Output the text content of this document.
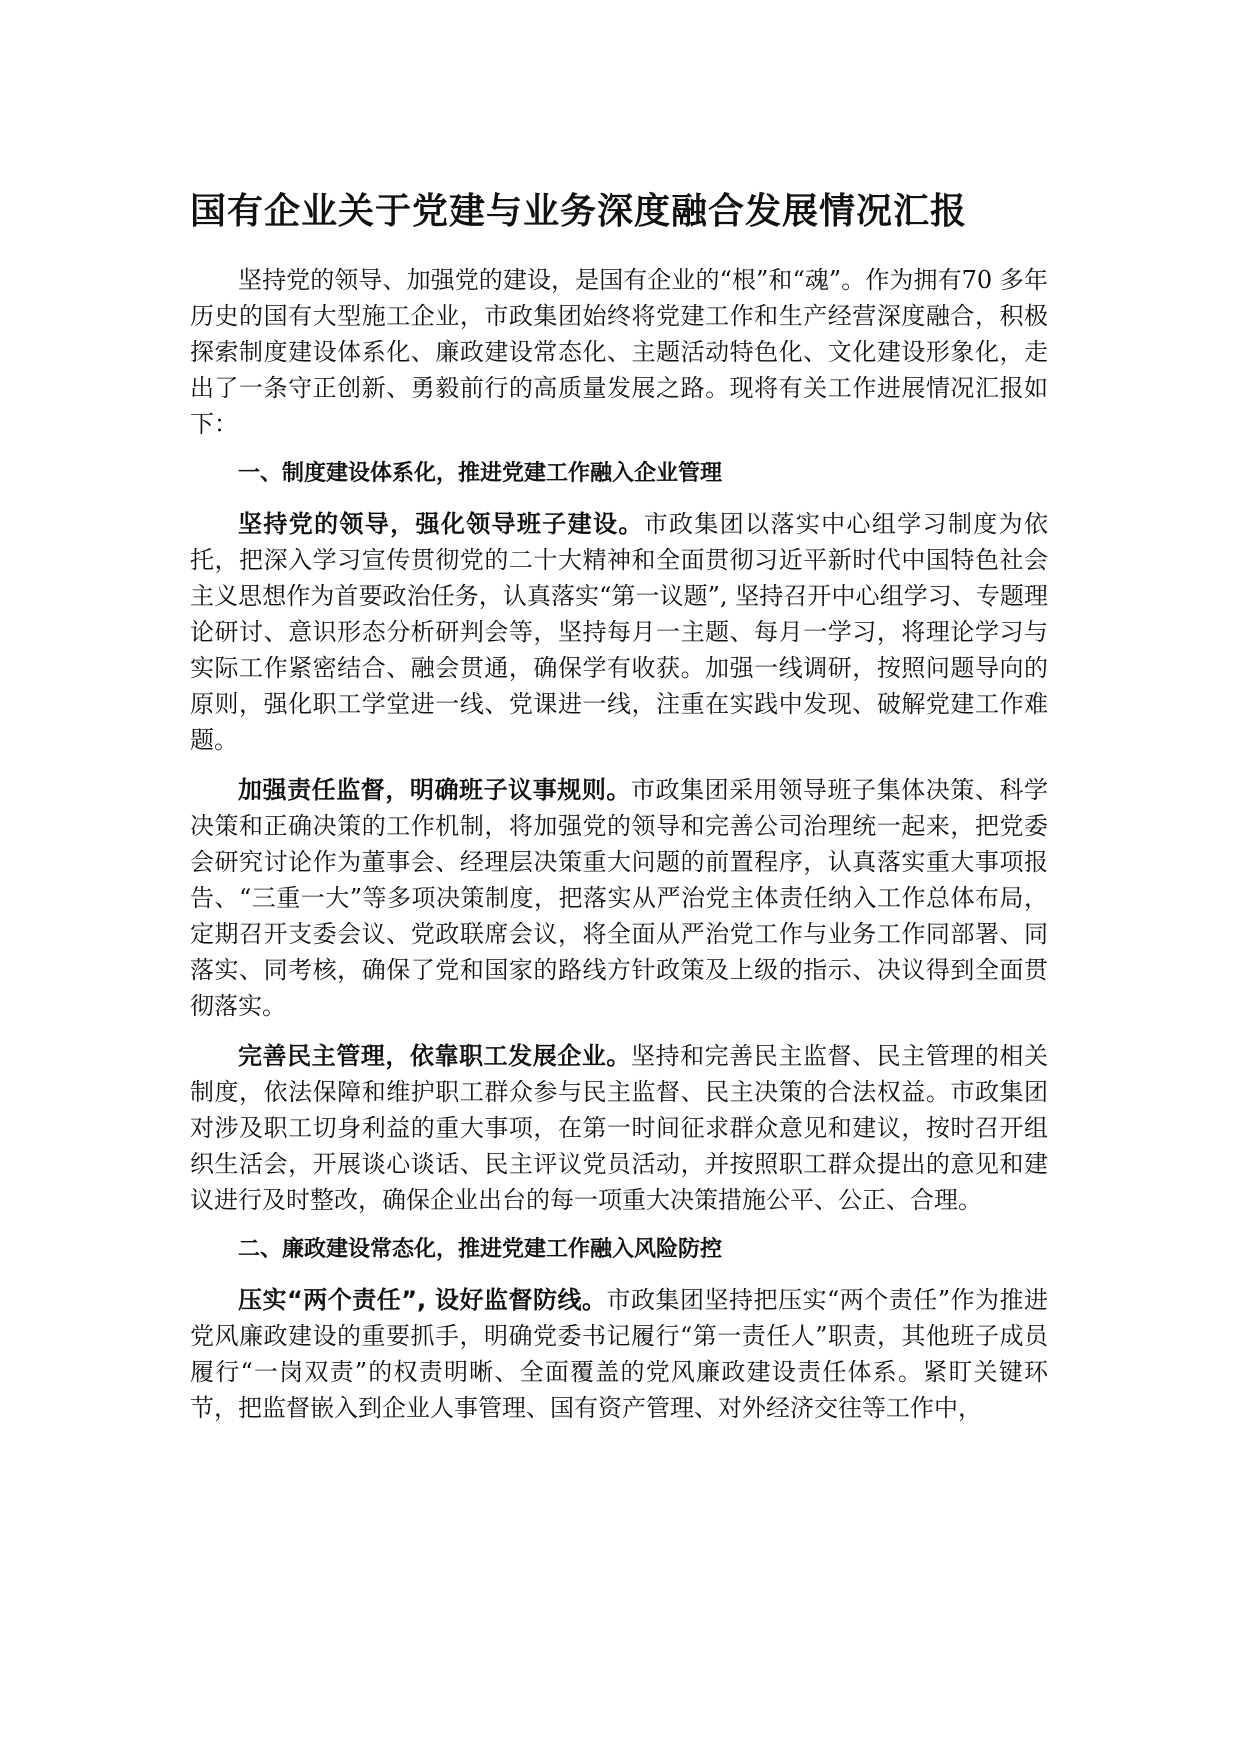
国有企业关于党建与业务深度融合发展情况汇报

坚持党的领导、加强党的建设，是国有企业的“根”和“魂”。作为拥有70 多年历史的国有大型施工企业，市政集团始终将党建工作和生产经营深度融合，积极探索制度建设体系化、廉政建设常态化、主题活动特色化、文化建设形象化，走出了一条守正创新、勇毅前行的高质量发展之路。现将有关工作进展情况汇报如下：

一、制度建设体系化，推进党建工作融入企业管理

坚持党的领导，强化领导班子建设。市政集团以落实中心组学习制度为依托，把深入学习宣传贯彻党的二十大精神和全面贯彻习近平新时代中国特色社会主义思想作为首要政治任务，认真落实“第一议题”, 坚持召开中心组学习、专题理论研讨、意识形态分析研判会等，坚持每月一主题、每月一学习，将理论学习与实际工作紧密结合、融会贯通，确保学有收获。加强一线调研，按照问题导向的原则，强化职工学堂进一线、党课进一线，注重在实践中发现、破解党建工作难题。

加强责任监督，明确班子议事规则。市政集团采用领导班子集体决策、科学决策和正确决策的工作机制，将加强党的领导和完善公司治理统一起来，把党委会研究讨论作为董事会、经理层决策重大问题的前置程序，认真落实重大事项报告、“三重一大”等多项决策制度，把落实从严治党主体责任纳入工作总体布局，定期召开支委会议、党政联席会议，将全面从严治党工作与业务工作同部署、同落实、同考核，确保了党和国家的路线方针政策及上级的指示、决议得到全面贯彻落实。

完善民主管理，依靠职工发展企业。坚持和完善民主监督、民主管理的相关制度，依法保障和维护职工群众参与民主监督、民主决策的合法权益。市政集团对涉及职工切身利益的重大事项，在第一时间征求群众意见和建议，按时召开组织生活会，开展谈心谈话、民主评议党员活动，并按照职工群众提出的意见和建议进行及时整改，确保企业出台的每一项重大决策措施公平、公正、合理。

二、廉政建设常态化，推进党建工作融入风险防控

压实“两个责任”, 设好监督防线。市政集团坚持把压实“两个责任”作为推进党风廉政建设的重要抓手，明确党委书记履行“第一责任人”职责，其他班子成员履行“一岗双责”的权责明晰、全面覆盖的党风廉政建设责任体系。紧盯关键环节，把监督嵌入到企业人事管理、国有资产管理、对外经济交往等工作中，
